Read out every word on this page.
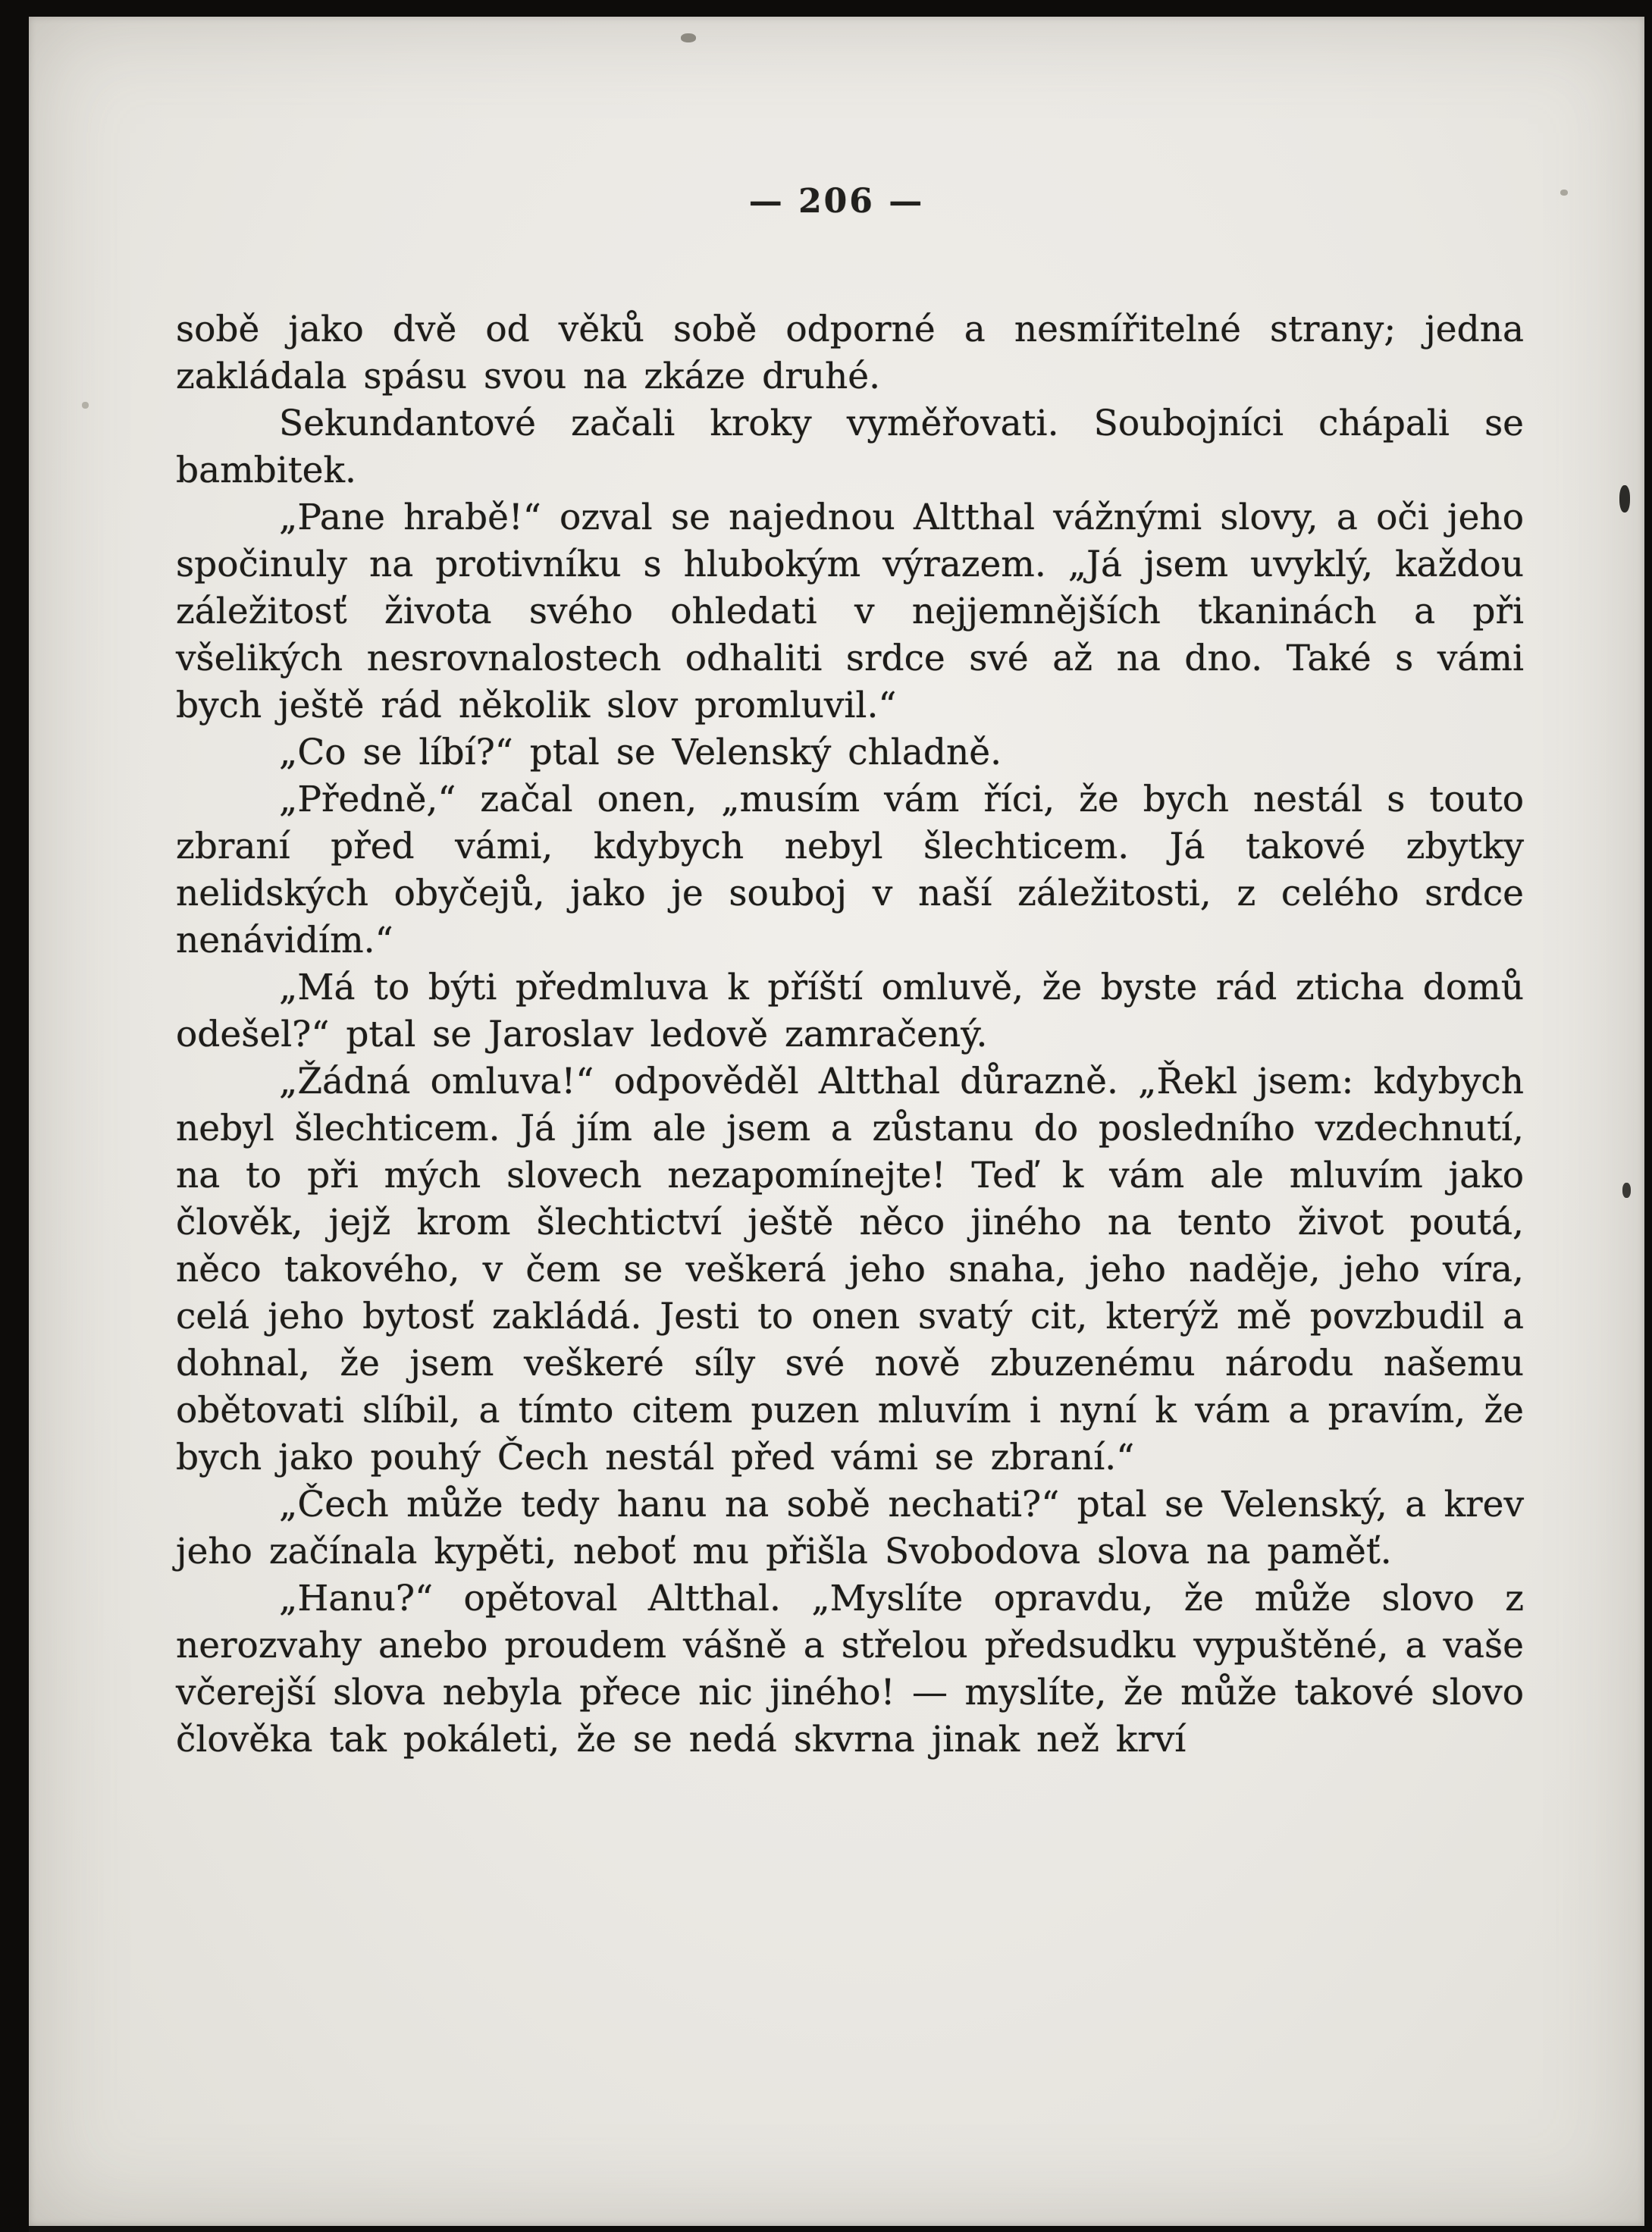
— 206 —

sobě jako dvě od věků sobě odporné a nesmířitelné strany; jedna zakládala spásu svou na zkáze druhé.

Sekundantové začali kroky vyměřovati. Soubojníci chápali se bambitek.

„Pane hrabě!“ ozval se najednou Altthal vážnými slovy, a oči jeho spočinuly na protivníku s hlubokým výrazem. „Já jsem uvyklý, každou záležitosť života svého ohledati v nejjemnějších tkaninách a při všelikých nesrovnalostech odhaliti srdce své až na dno. Také s vámi bych ještě rád několik slov promluvil.“

„Co se líbí?“ ptal se Velenský chladně.

„Předně,“ začal onen, „musím vám říci, že bych nestál s touto zbraní před vámi, kdybych nebyl šlechticem. Já takové zbytky nelidských obyčejů, jako je souboj v naší záležitosti, z celého srdce nenávidím.“

„Má to býti předmluva k příští omluvě, že byste rád zticha domů odešel?“ ptal se Jaroslav ledově zamračený.

„Žádná omluva!“ odpověděl Altthal důrazně. „Řekl jsem: kdybych nebyl šlechticem. Já jím ale jsem a zůstanu do posledního vzdechnutí, na to při mých slovech nezapomínejte! Teď k vám ale mluvím jako člověk, jejž krom šlechtictví ještě něco jiného na tento život poutá, něco takového, v čem se veškerá jeho snaha, jeho naděje, jeho víra, celá jeho bytosť zakládá. Jesti to onen svatý cit, kterýž mě povzbudil a dohnal, že jsem veškeré síly své nově zbuzenému národu našemu obětovati slíbil, a tímto citem puzen mluvím i nyní k vám a pravím, že bych jako pouhý Čech nestál před vámi se zbraní.“

„Čech může tedy hanu na sobě nechati?“ ptal se Velenský, a krev jeho začínala kypěti, neboť mu přišla Svobodova slova na paměť.

„Hanu?“ opětoval Altthal. „Myslíte opravdu, že může slovo z nerozvahy anebo proudem vášně a střelou předsudku vypuštěné, a vaše včerejší slova nebyla přece nic jiného! — myslíte, že může takové slovo člověka tak pokáleti, že se nedá skvrna jinak než krví
